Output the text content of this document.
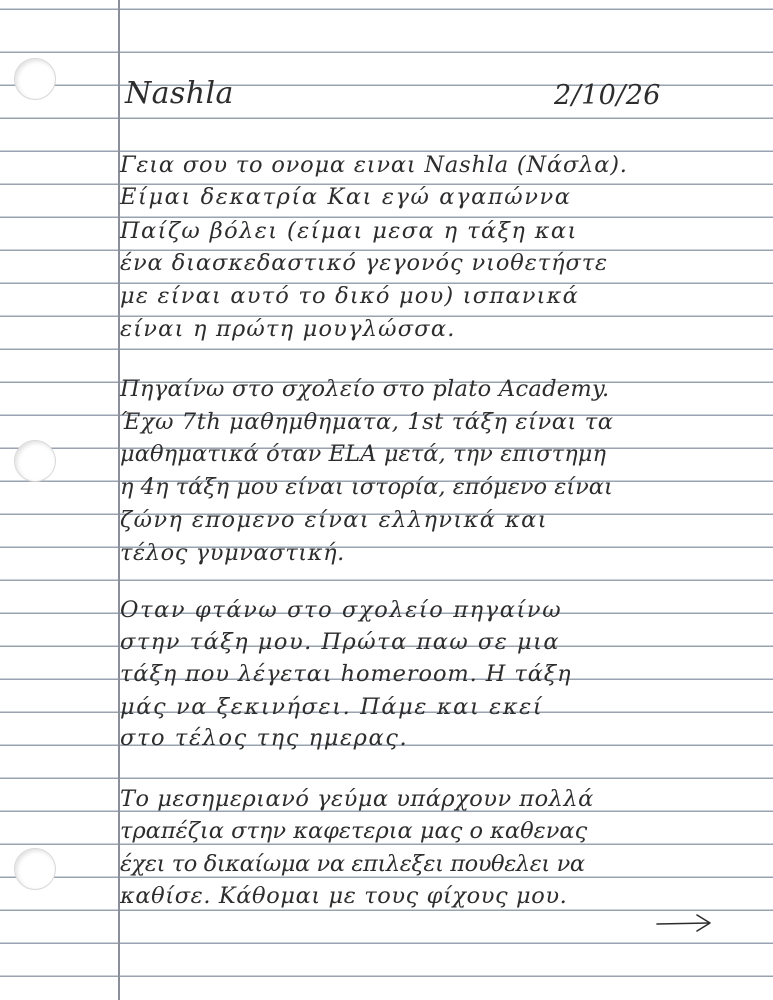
Nashla	2/10/26

Γεια σου το ονομα ειναι Nashla (Νάσλα).

Είμαι δεκατρία Και εγώ αγαπώννα

Παίζω βόλει (είμαι μεσα η τάξη και

ένα διασκεδαστικό γεγονός νιοθετήστε

με είναι αυτό το δικό μου) ισπανικά

είναι η πρώτη μουγλώσσα.

Πηγαίνω στο σχολείο στο plato Academy.

Έχω 7th μαθημθηματα, 1st τάξη είναι τα

μαθηματικά όταν ELA μετά, την επιστημη

η 4η τάξη μου είναι ιστορία, επόμενο είναι

ζώνη επομενο είναι ελληνικά και

τέλος γυμναστική.

Οταν φτάνω στο σχολείο πηγαίνω

στην τάξη μου. Πρώτα παω σε μια

τάξη που λέγεται homeroom. Η τάξη

μάς να ξεκινήσει. Πάμε και εκεί

στο τέλος της ημερας.

Το μεσημεριανό γεύμα υπάρχουν πολλά

τραπέζια στην καφετερια μας ο καθενας

έχει το δικαίωμα να επιλεξει πουθελει να

καθίσε. Κάθομαι με τους φίχους μου.
